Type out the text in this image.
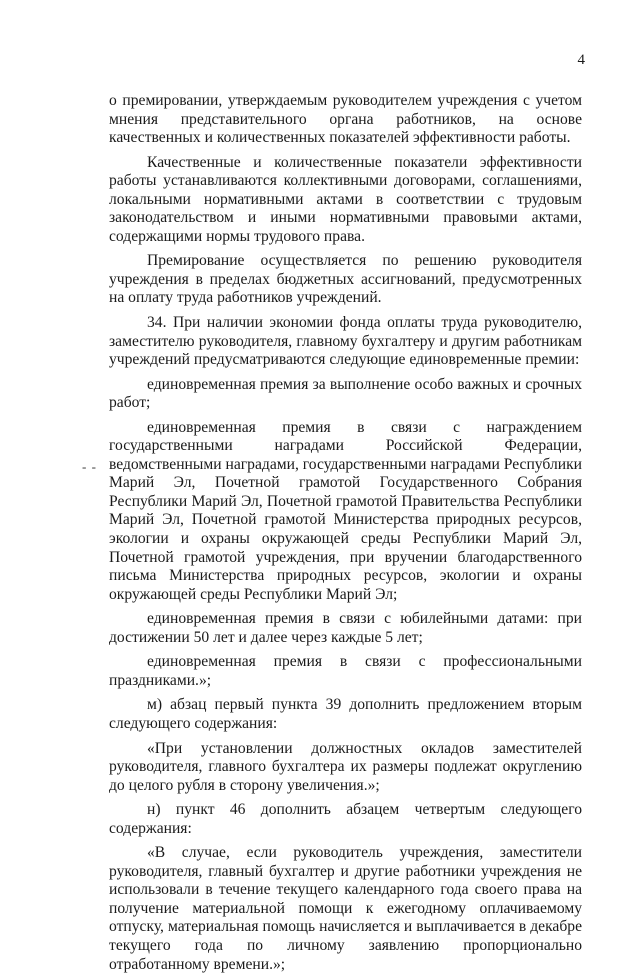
4
- -

о премировании, утверждаемым руководителем учреждения с учетом мнения представительного органа работников, на основе качественных и количественных показателей эффективности работы.

Качественные и количественные показатели эффективности работы устанавливаются коллективными договорами, соглашениями, локальными нормативными актами в соответствии с трудовым законодательством и иными нормативными правовыми актами, содержащими нормы трудового права.

Премирование осуществляется по решению руководителя учреждения в пределах бюджетных ассигнований, предусмотренных на оплату труда работников учреждений.

34. При наличии экономии фонда оплаты труда руководителю, заместителю руководителя, главному бухгалтеру и другим работникам учреждений предусматриваются следующие единовременные премии:

единовременная премия за выполнение особо важных и срочных работ;

единовременная премия в связи с награждением государственными наградами Российской Федерации, ведомственными наградами, государственными наградами Республики Марий Эл, Почетной грамотой Государственного Собрания Республики Марий Эл, Почетной грамотой Правительства Республики Марий Эл, Почетной грамотой Министерства природных ресурсов, экологии и охраны окружающей среды Республики Марий Эл, Почетной грамотой учреждения, при вручении благодарственного письма Министерства природных ресурсов, экологии и охраны окружающей среды Республики Марий Эл;

единовременная премия в связи с юбилейными датами: при достижении 50 лет и далее через каждые 5 лет;

единовременная премия в связи с профессиональными праздниками.»;

м) абзац первый пункта 39 дополнить предложением вторым следующего содержания:

«При установлении должностных окладов заместителей руководителя, главного бухгалтера их размеры подлежат округлению до целого рубля в сторону увеличения.»;

н) пункт 46 дополнить абзацем четвертым следующего содержания:

«В случае, если руководитель учреждения, заместители руководителя, главный бухгалтер и другие работники учреждения не использовали в течение текущего календарного года своего права на получение материальной помощи к ежегодному оплачиваемому отпуску, материальная помощь начисляется и выплачивается в декабре текущего года по личному заявлению пропорционально отработанному времени.»;
